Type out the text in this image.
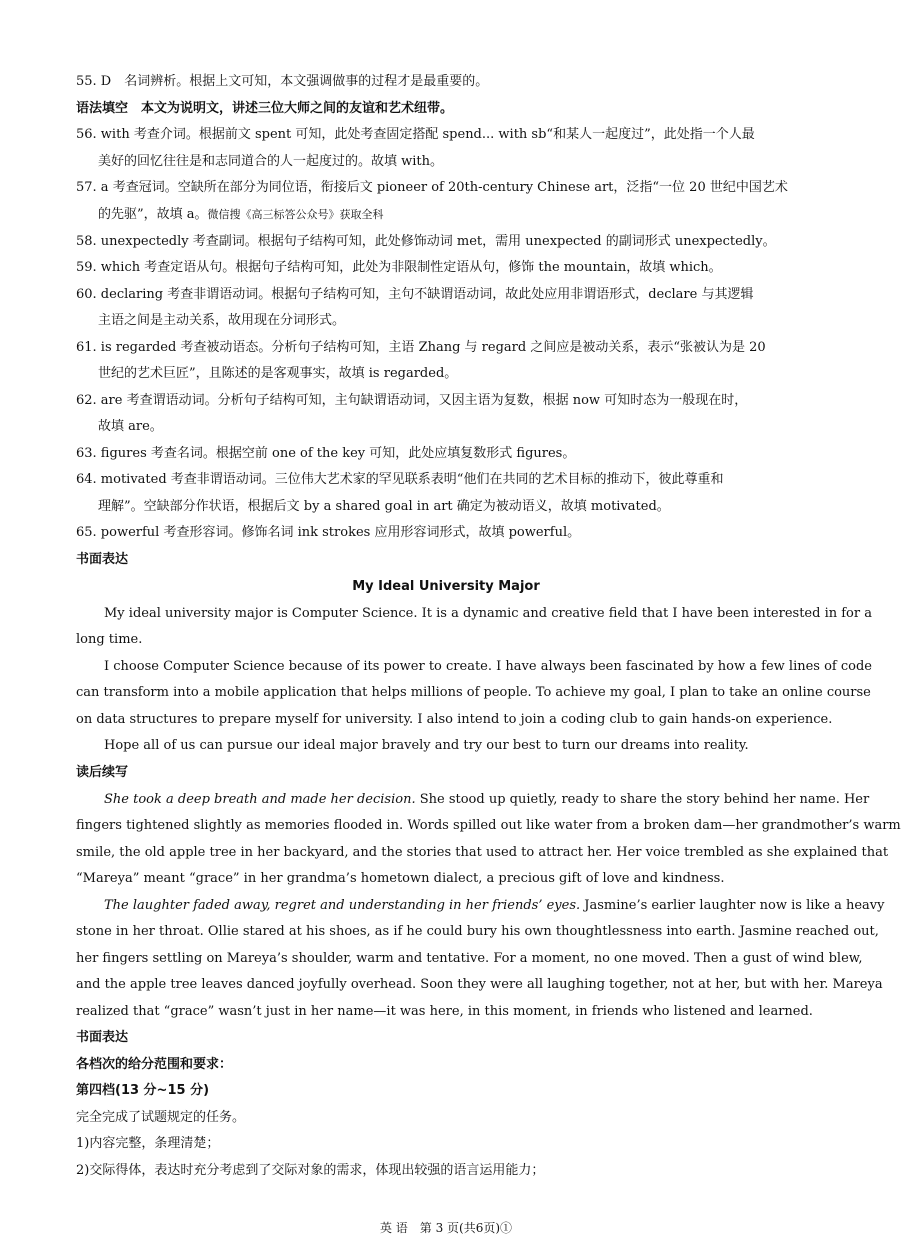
55. D　名词辨析。根据上文可知，本文强调做事的过程才是最重要的。
语法填空　本文为说明文，讲述三位大师之间的友谊和艺术纽带。
56. with 考查介词。根据前文 spent 可知，此处考查固定搭配 spend... with sb“和某人一起度过”，此处指一个人最
美好的回忆往往是和志同道合的人一起度过的。故填 with。
57. a 考查冠词。空缺所在部分为同位语，衔接后文 pioneer of 20th-century Chinese art，泛指“一位 20 世纪中国艺术
的先驱”，故填 a。微信搜《高三标答公众号》获取全科
58. unexpectedly 考查副词。根据句子结构可知，此处修饰动词 met，需用 unexpected 的副词形式 unexpectedly。
59. which 考查定语从句。根据句子结构可知，此处为非限制性定语从句，修饰 the mountain，故填 which。
60. declaring 考查非谓语动词。根据句子结构可知，主句不缺谓语动词，故此处应用非谓语形式，declare 与其逻辑
主语之间是主动关系，故用现在分词形式。
61. is regarded 考查被动语态。分析句子结构可知，主语 Zhang 与 regard 之间应是被动关系，表示“张被认为是 20
世纪的艺术巨匠”，且陈述的是客观事实，故填 is regarded。
62. are 考查谓语动词。分析句子结构可知，主句缺谓语动词，又因主语为复数，根据 now 可知时态为一般现在时，
故填 are。
63. figures 考查名词。根据空前 one of the key 可知，此处应填复数形式 figures。
64. motivated 考查非谓语动词。三位伟大艺术家的罕见联系表明“他们在共同的艺术目标的推动下，彼此尊重和
理解”。空缺部分作状语，根据后文 by a shared goal in art 确定为被动语义，故填 motivated。
65. powerful 考查形容词。修饰名词 ink strokes 应用形容词形式，故填 powerful。
书面表达
My Ideal University Major
My ideal university major is Computer Science. It is a dynamic and creative field that I have been interested in for a
long time.
I choose Computer Science because of its power to create. I have always been fascinated by how a few lines of code
can transform into a mobile application that helps millions of people. To achieve my goal, I plan to take an online course
on data structures to prepare myself for university. I also intend to join a coding club to gain hands-on experience.
Hope all of us can pursue our ideal major bravely and try our best to turn our dreams into reality.
读后续写
She took a deep breath and made her decision. She stood up quietly, ready to share the story behind her name. Her
fingers tightened slightly as memories flooded in. Words spilled out like water from a broken dam—her grandmother’s warm
smile, the old apple tree in her backyard, and the stories that used to attract her. Her voice trembled as she explained that
“Mareya” meant “grace” in her grandma’s hometown dialect, a precious gift of love and kindness.
The laughter faded away, regret and understanding in her friends’ eyes. Jasmine’s earlier laughter now is like a heavy
stone in her throat. Ollie stared at his shoes, as if he could bury his own thoughtlessness into earth. Jasmine reached out,
her fingers settling on Mareya’s shoulder, warm and tentative. For a moment, no one moved. Then a gust of wind blew,
and the apple tree leaves danced joyfully overhead. Soon they were all laughing together, not at her, but with her. Mareya
realized that “grace” wasn’t just in her name—it was here, in this moment, in friends who listened and learned.
书面表达
各档次的给分范围和要求：
第四档(13 分~15 分)
完全完成了试题规定的任务。
1)内容完整，条理清楚；
2)交际得体，表达时充分考虑到了交际对象的需求，体现出较强的语言运用能力；
英 语　第 3 页(共6页)①
